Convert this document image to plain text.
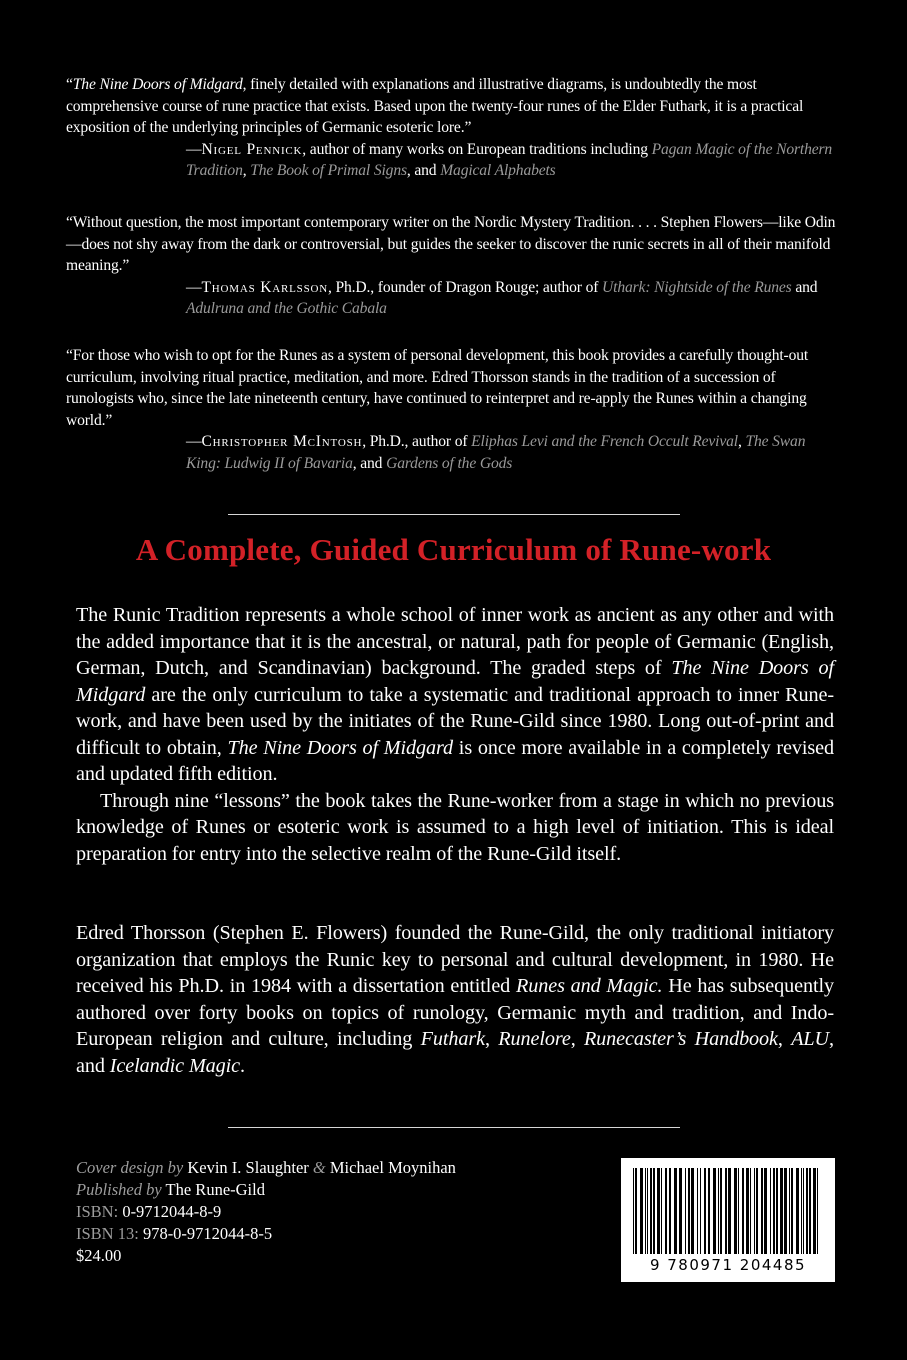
“The Nine Doors of Midgard, finely detailed with explanations and illustrative diagrams, is undoubtedly the most comprehensive course of rune practice that exists. Based upon the twenty-four runes of the Elder Futhark, it is a practical exposition of the underlying principles of Germanic esoteric lore.”

—Nigel Pennick, author of many works on European traditions including Pagan Magic of the Northern Tradition, The Book of Primal Signs, and Magical Alphabets

“Without question, the most important contemporary writer on the Nordic Mystery Tradition. . . . Stephen Flowers—like Odin—does not shy away from the dark or controversial, but guides the seeker to discover the runic secrets in all of their manifold meaning.”

—Thomas Karlsson, Ph.D., founder of Dragon Rouge; author of Uthark: Nightside of the Runes and Adulruna and the Gothic Cabala

“For those who wish to opt for the Runes as a system of personal development, this book provides a carefully thought-out curriculum, involving ritual practice, meditation, and more. Edred Thorsson stands in the tradition of a succession of runologists who, since the late nineteenth century, have continued to reinterpret and re-apply the Runes within a changing world.”

—Christopher McIntosh, Ph.D., author of Eliphas Levi and the French Occult Revival, The Swan King: Ludwig II of Bavaria, and Gardens of the Gods

A Complete, Guided Curriculum of Rune-work

The Runic Tradition represents a whole school of inner work as ancient as any other and with the added importance that it is the ancestral, or natural, path for people of Germanic (English, German, Dutch, and Scandinavian) background. The graded steps of The Nine Doors of Midgard are the only curriculum to take a systematic and traditional approach to inner Rune-work, and have been used by the initiates of the Rune-Gild since 1980. Long out-of-print and difficult to obtain, The Nine Doors of Midgard is once more available in a completely revised and updated fifth edition.

Through nine “lessons” the book takes the Rune-worker from a stage in which no previous knowledge of Runes or esoteric work is assumed to a high level of initiation. This is ideal preparation for entry into the selective realm of the Rune-Gild itself.

Edred Thorsson (Stephen E. Flowers) founded the Rune-Gild, the only traditional initiatory organization that employs the Runic key to personal and cultural development, in 1980. He received his Ph.D. in 1984 with a dissertation entitled Runes and Magic. He has subsequently authored over forty books on topics of runology, Germanic myth and tradition, and Indo-European religion and culture, including Futhark, Runelore, Runecaster’s Handbook, ALU, and Icelandic Magic.

Cover design by Kevin I. Slaughter & Michael Moynihan
Published by The Rune-Gild
ISBN: 0-9712044-8-9
ISBN 13: 978-0-9712044-8-5
$24.00	9 780971 204485
